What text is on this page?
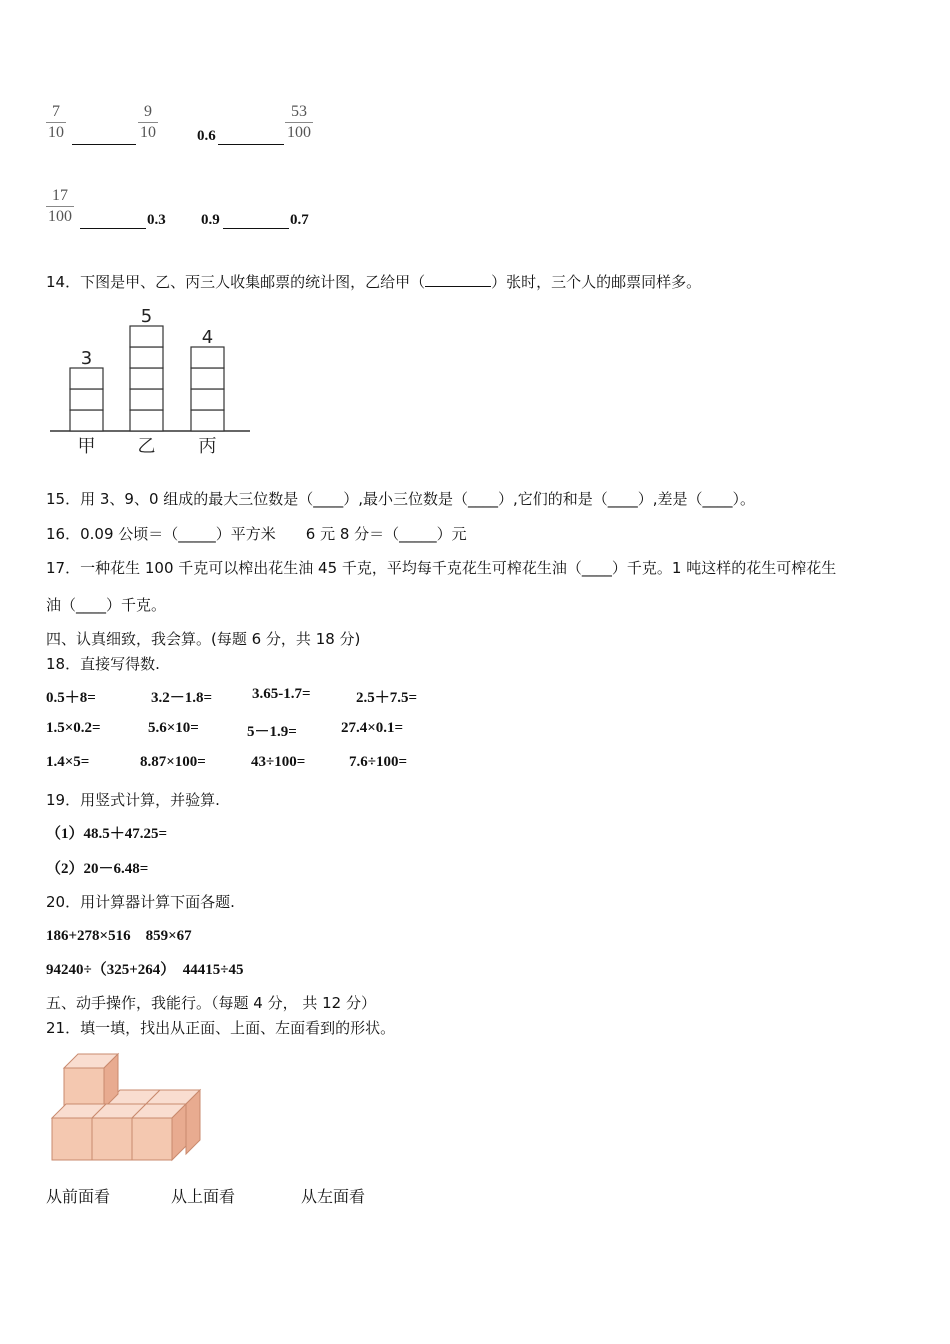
$\frac{7}{10}$	$\frac{9}{10}$	0.6	$\frac{53}{100}$
$\frac{17}{100}$	0.3 0.9	0.7
14．下图是甲、乙、丙三人收集邮票的统计图，乙给甲（	）张时，三个人的邮票同样多。
3
甲
5
乙
4
丙
15．用 3、9、0 组成的最大三位数是（____）,最小三位数是（____）,它们的和是（____）,差是（____）。
16．0.09 公顷＝（_____）平方米　　6 元 8 分＝（_____）元
17．一种花生 100 千克可以榨出花生油 45 千克，平均每千克花生可榨花生油（____）千克。1 吨这样的花生可榨花生
油（____）千克。
四、认真细致，我会算。(每题 6 分，共 18 分)
18．直接写得数.
0.5＋8=	3.2－1.8=	3.65-1.7=	2.5＋7.5=
1.5×0.2=	5.6×10=	5－1.9=	27.4×0.1=
1.4×5=	8.87×100=	43÷100=	7.6÷100=
19．用竖式计算，并验算.
（1）48.5＋47.25=
（2）20－6.48=
20．用计算器计算下面各题.
186+278×516　859×67
94240÷（325+264）　44415÷45
五、动手操作，我能行。（每题 4 分， 共 12 分）
21．填一填，找出从正面、上面、左面看到的形状。
从前面看	从上面看	从左面看
